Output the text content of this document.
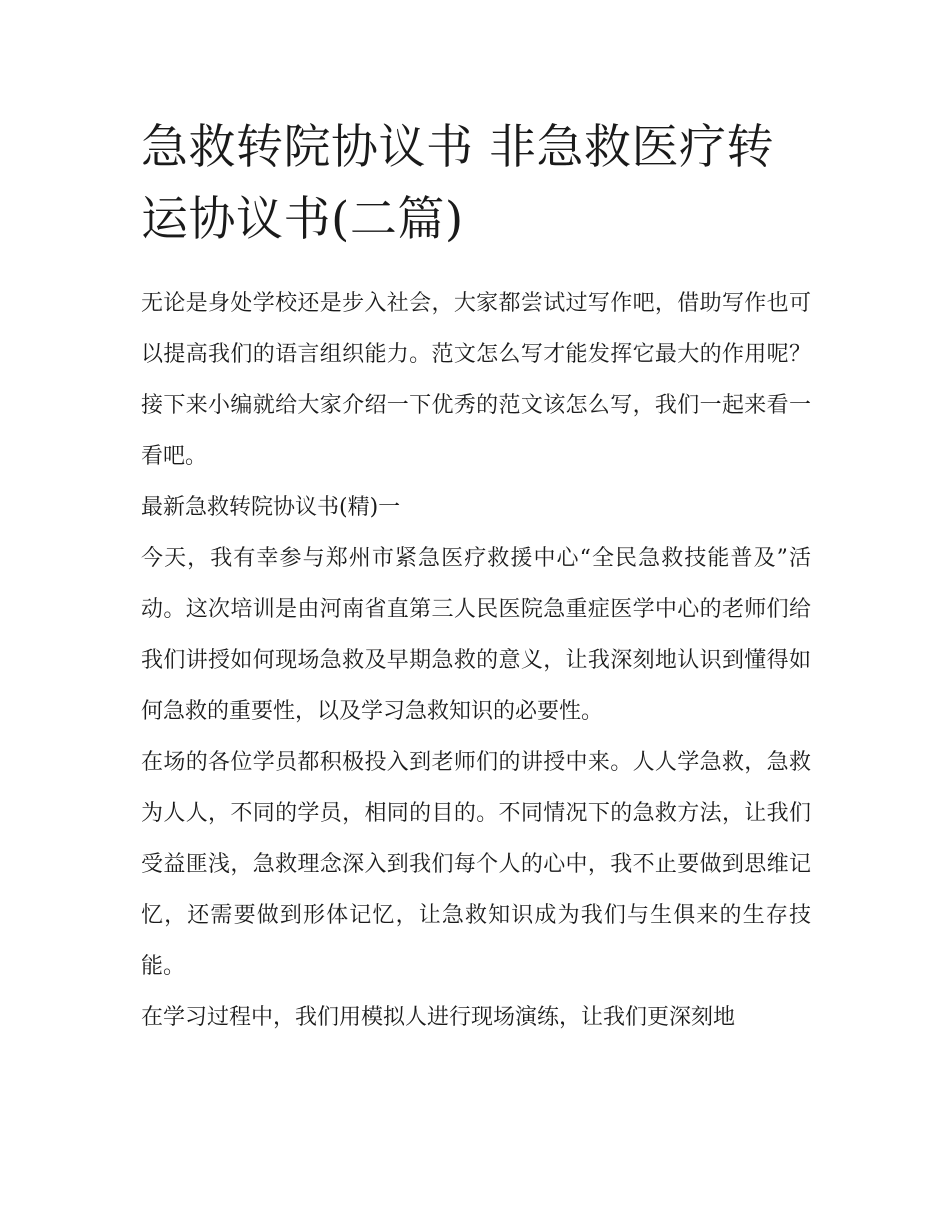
急救转院协议书 非急救医疗转运协议书(二篇)

无论是身处学校还是步入社会，大家都尝试过写作吧，借助写作也可以提高我们的语言组织能力。范文怎么写才能发挥它最大的作用呢？接下来小编就给大家介绍一下优秀的范文该怎么写，我们一起来看一看吧。

最新急救转院协议书(精)一

今天，我有幸参与郑州市紧急医疗救援中心“全民急救技能普及”活动。这次培训是由河南省直第三人民医院急重症医学中心的老师们给我们讲授如何现场急救及早期急救的意义，让我深刻地认识到懂得如何急救的重要性，以及学习急救知识的必要性。

在场的各位学员都积极投入到老师们的讲授中来。人人学急救，急救为人人，不同的学员，相同的目的。不同情况下的急救方法，让我们受益匪浅，急救理念深入到我们每个人的心中，我不止要做到思维记忆，还需要做到形体记忆，让急救知识成为我们与生俱来的生存技能。

在学习过程中，我们用模拟人进行现场演练，让我们更深刻地
